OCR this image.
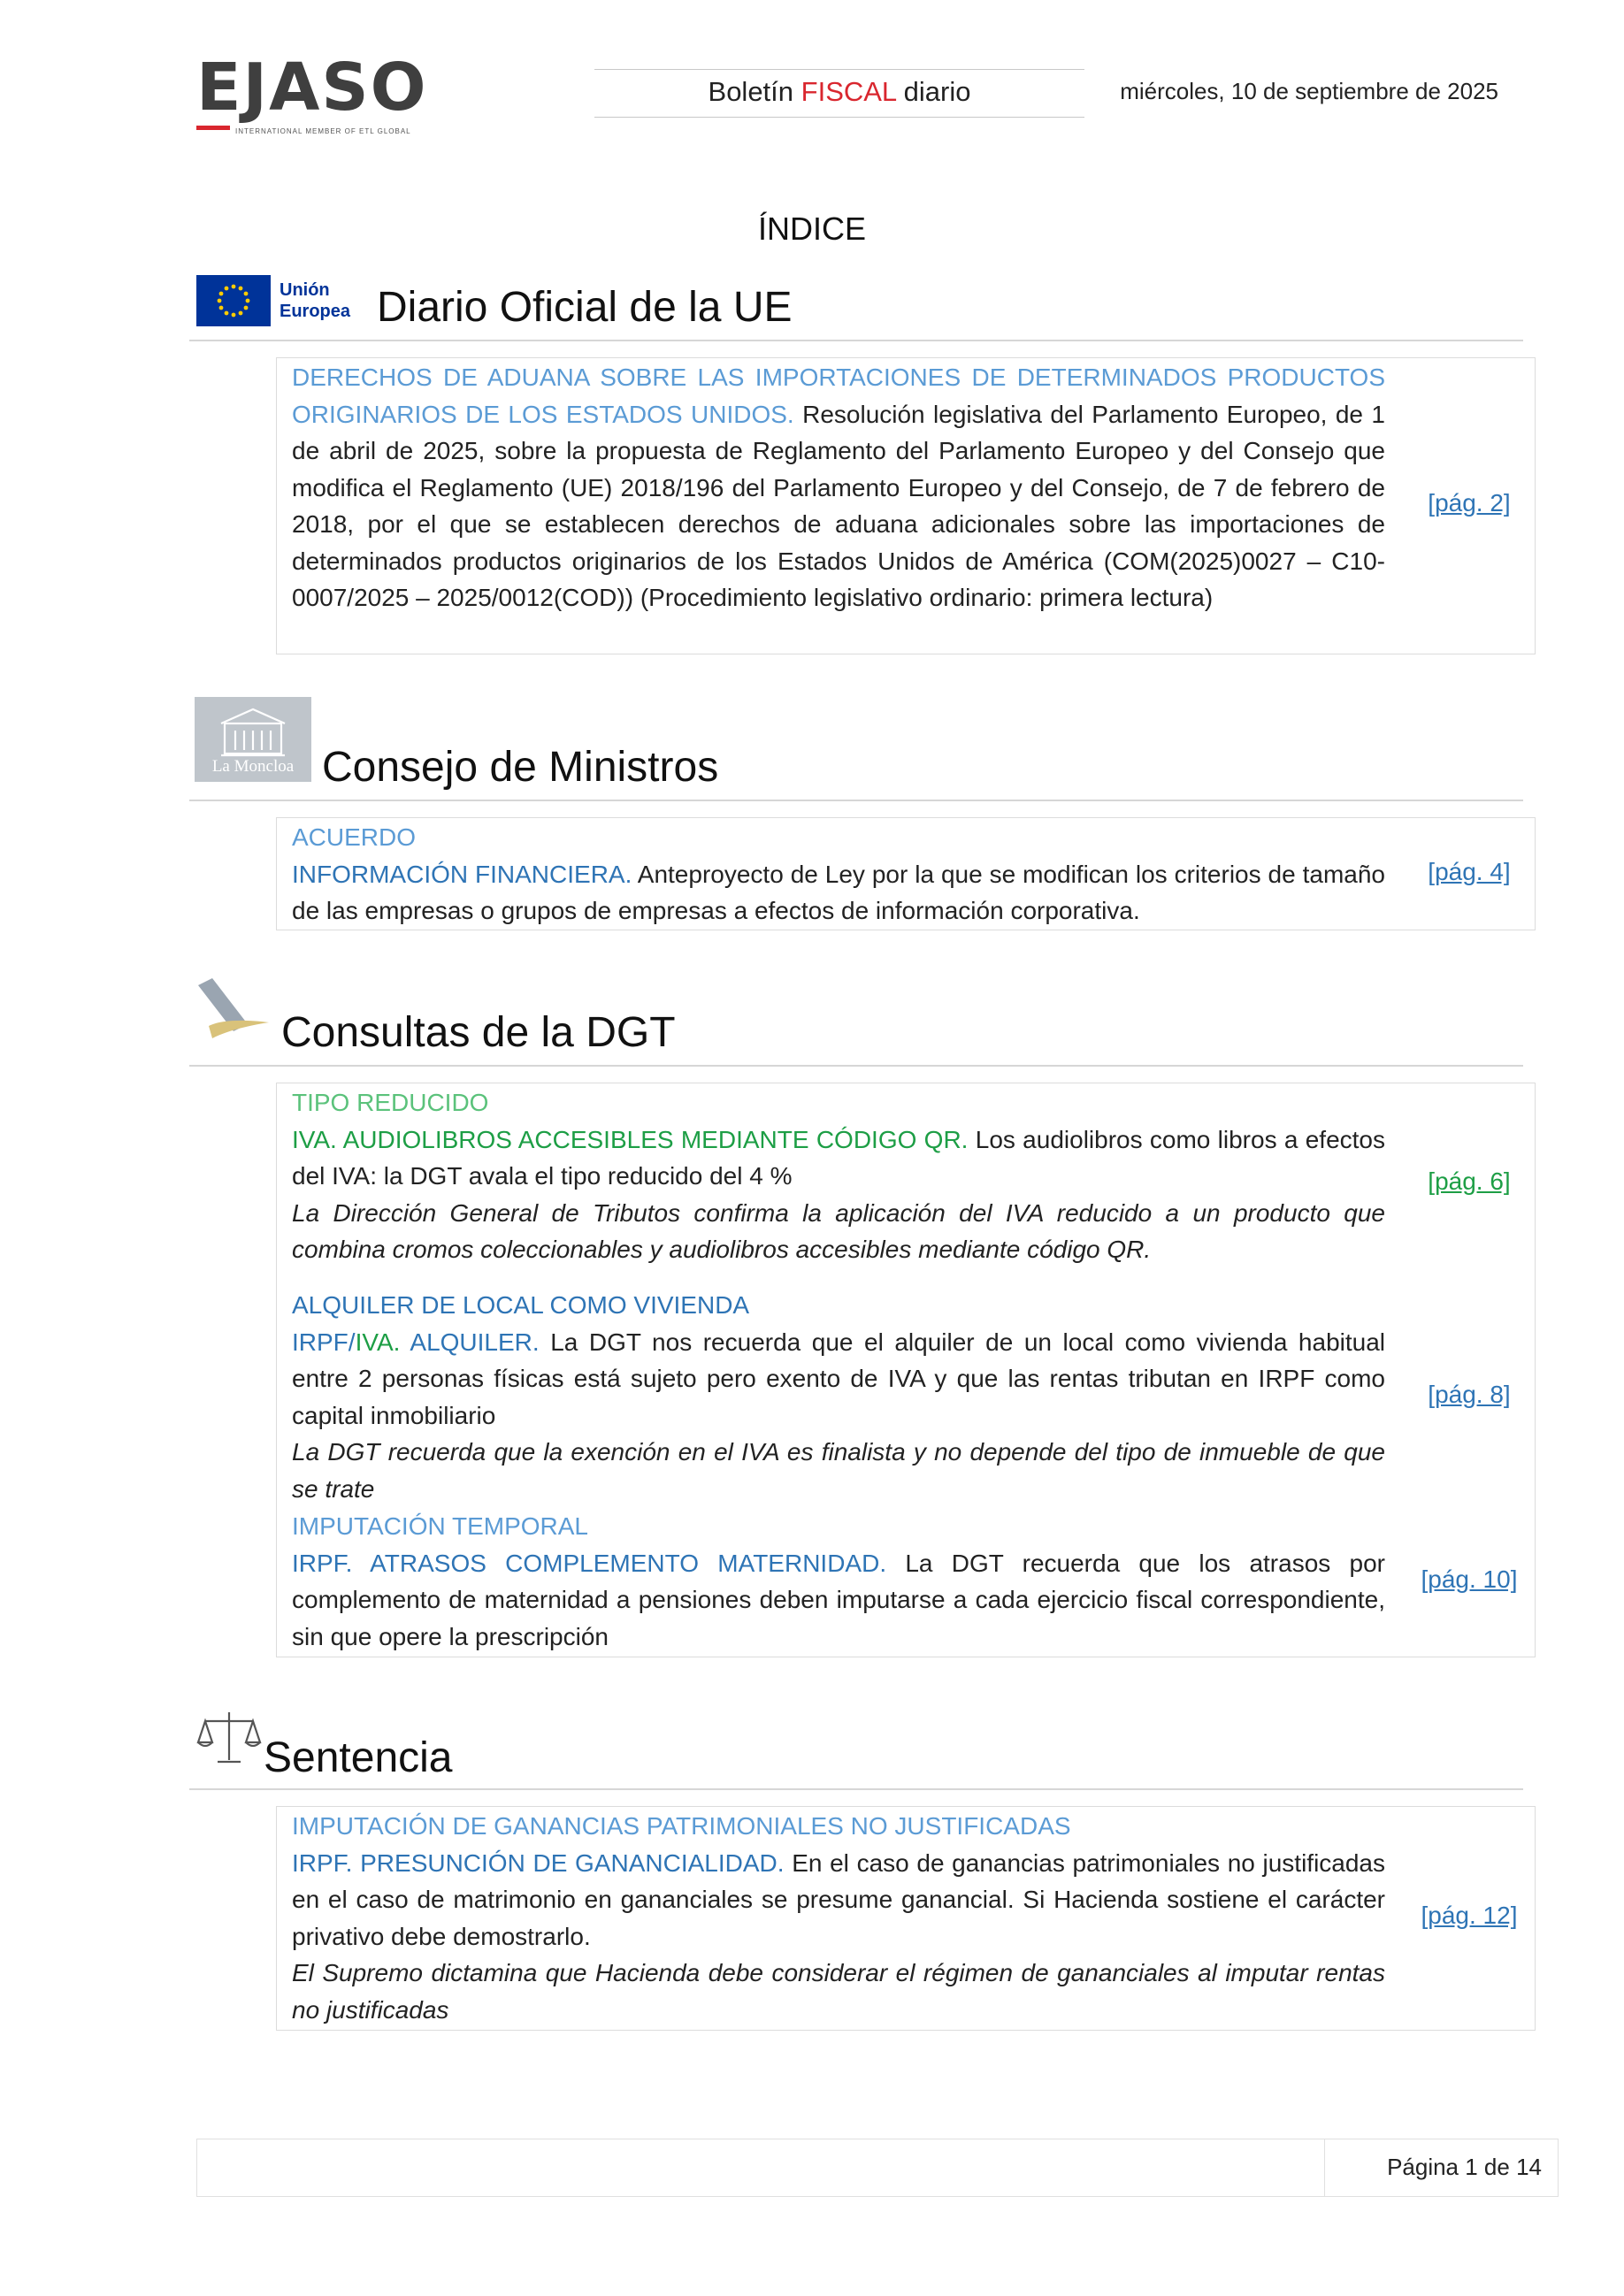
EJASO
INTERNATIONAL MEMBER OF ETL GLOBAL
Boletín FISCAL diario	miércoles, 10 de septiembre de 2025
ÍNDICE
Unión
Europea Diario Oficial de la UE
DERECHOS DE ADUANA SOBRE LAS IMPORTACIONES DE DETERMINADOS PRODUCTOS ORIGINARIOS DE LOS ESTADOS UNIDOS. Resolución legislativa del Parlamento Europeo, de 1 de abril de 2025, sobre la propuesta de Reglamento del Parlamento Europeo y del Consejo que modifica el Reglamento (UE) 2018/196 del Parlamento Europeo y del Consejo, de 7 de febrero de 2018, por el que se establecen derechos de aduana adicionales sobre las importaciones de determinados productos originarios de los Estados Unidos de América (COM(2025)0027 – C10-0007/2025 – 2025/0012(COD)) (Procedimiento legislativo ordinario: primera lectura)
[pág. 2]
La Moncloa Consejo de Ministros
ACUERDO
INFORMACIÓN FINANCIERA. Anteproyecto de Ley por la que se modifican los criterios de tamaño de las empresas o grupos de empresas a efectos de información corporativa.
[pág. 4]
Consultas de la DGT
TIPO REDUCIDO
IVA. AUDIOLIBROS ACCESIBLES MEDIANTE CÓDIGO QR. Los audiolibros como libros a efectos del IVA: la DGT avala el tipo reducido del 4 %
La Dirección General de Tributos confirma la aplicación del IVA reducido a un producto que combina cromos coleccionables y audiolibros accesibles mediante código QR.
[pág. 6]
ALQUILER DE LOCAL COMO VIVIENDA
IRPF/IVA. ALQUILER. La DGT nos recuerda que el alquiler de un local como vivienda habitual entre 2 personas físicas está sujeto pero exento de IVA y que las rentas tributan en IRPF como capital inmobiliario
La DGT recuerda que la exención en el IVA es finalista y no depende del tipo de inmueble de que se trate
[pág. 8]
IMPUTACIÓN TEMPORAL
IRPF. ATRASOS COMPLEMENTO MATERNIDAD. La DGT recuerda que los atrasos por complemento de maternidad a pensiones deben imputarse a cada ejercicio fiscal correspondiente, sin que opere la prescripción
[pág. 10]
Sentencia
IMPUTACIÓN DE GANANCIAS PATRIMONIALES NO JUSTIFICADAS
IRPF. PRESUNCIÓN DE GANANCIALIDAD. En el caso de ganancias patrimoniales no justificadas en el caso de matrimonio en gananciales se presume ganancial. Si Hacienda sostiene el carácter privativo debe demostrarlo.
El Supremo dictamina que Hacienda debe considerar el régimen de gananciales al imputar rentas no justificadas
[pág. 12]
Página 1 de 14
